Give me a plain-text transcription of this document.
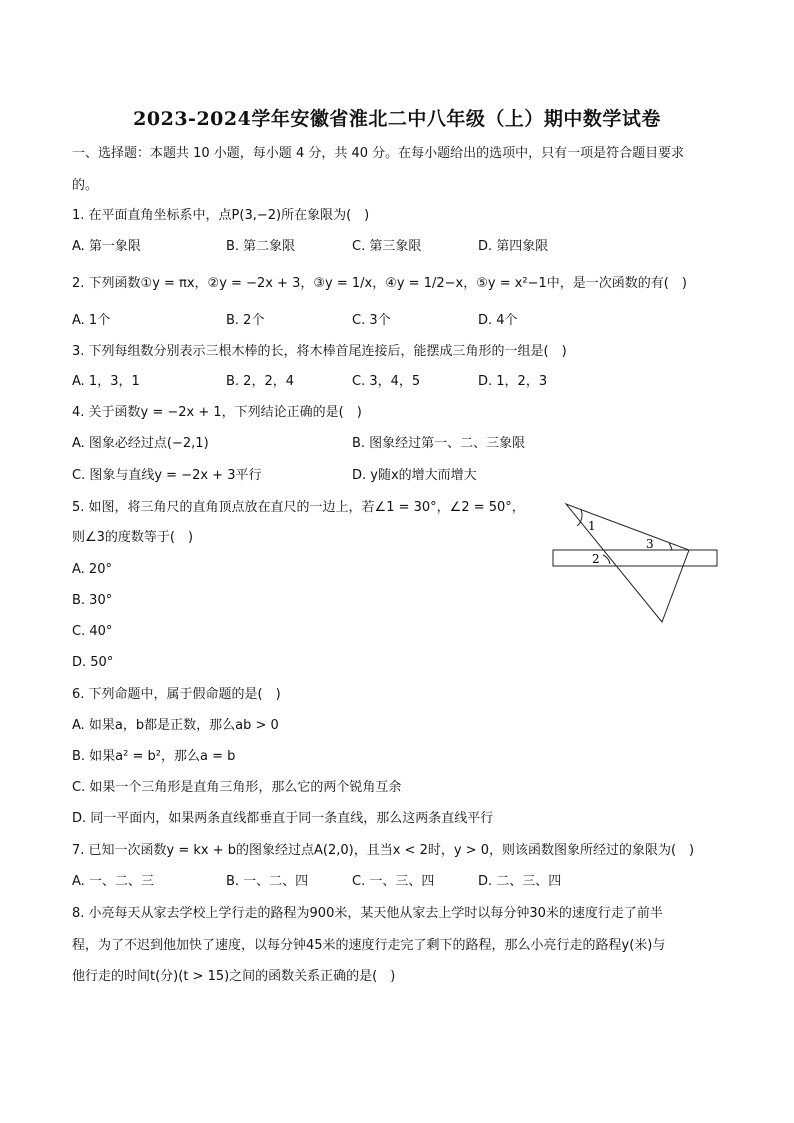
2023-2024学年安徽省淮北二中八年级（上）期中数学试卷
一、选择题：本题共 10 小题，每小题 4 分，共 40 分。在每小题给出的选项中，只有一项是符合题目要求
的。
1. 在平面直角坐标系中，点P(3,−2)所在象限为(　)
A. 第一象限	B. 第二象限	C. 第三象限	D. 第四象限
2. 下列函数①y = πx，②y = −2x + 3，③y = 1/x，④y = 1/2−x，⑤y = x²−1中，是一次函数的有(　)
A. 1个	B. 2个	C. 3个	D. 4个
3. 下列每组数分别表示三根木棒的长，将木棒首尾连接后，能摆成三角形的一组是(　)
A. 1，3，1	B. 2，2，4	C. 3，4，5	D. 1，2，3
4. 关于函数y = −2x + 1，下列结论正确的是(　)
A. 图象必经过点(−2,1)	B. 图象经过第一、二、三象限
C. 图象与直线y = −2x + 3平行	D. y随x的增大而增大
5. 如图，将三角尺的直角顶点放在直尺的一边上，若∠1 = 30°，∠2 = 50°，
则∠3的度数等于(　)
A. 20°
B. 30°
C. 40°
D. 50°
1
2
3
6. 下列命题中，属于假命题的是(　)
A. 如果a，b都是正数，那么ab > 0
B. 如果a² = b²，那么a = b
C. 如果一个三角形是直角三角形，那么它的两个锐角互余
D. 同一平面内，如果两条直线都垂直于同一条直线，那么这两条直线平行
7. 已知一次函数y = kx + b的图象经过点A(2,0)，且当x < 2时，y > 0，则该函数图象所经过的象限为(　)
A. 一、二、三	B. 一、二、四	C. 一、三、四	D. 二、三、四
8. 小亮每天从家去学校上学行走的路程为900米，某天他从家去上学时以每分钟30米的速度行走了前半
程，为了不迟到他加快了速度，以每分钟45米的速度行走完了剩下的路程，那么小亮行走的路程y(米)与
他行走的时间t(分)(t > 15)之间的函数关系正确的是(　)
